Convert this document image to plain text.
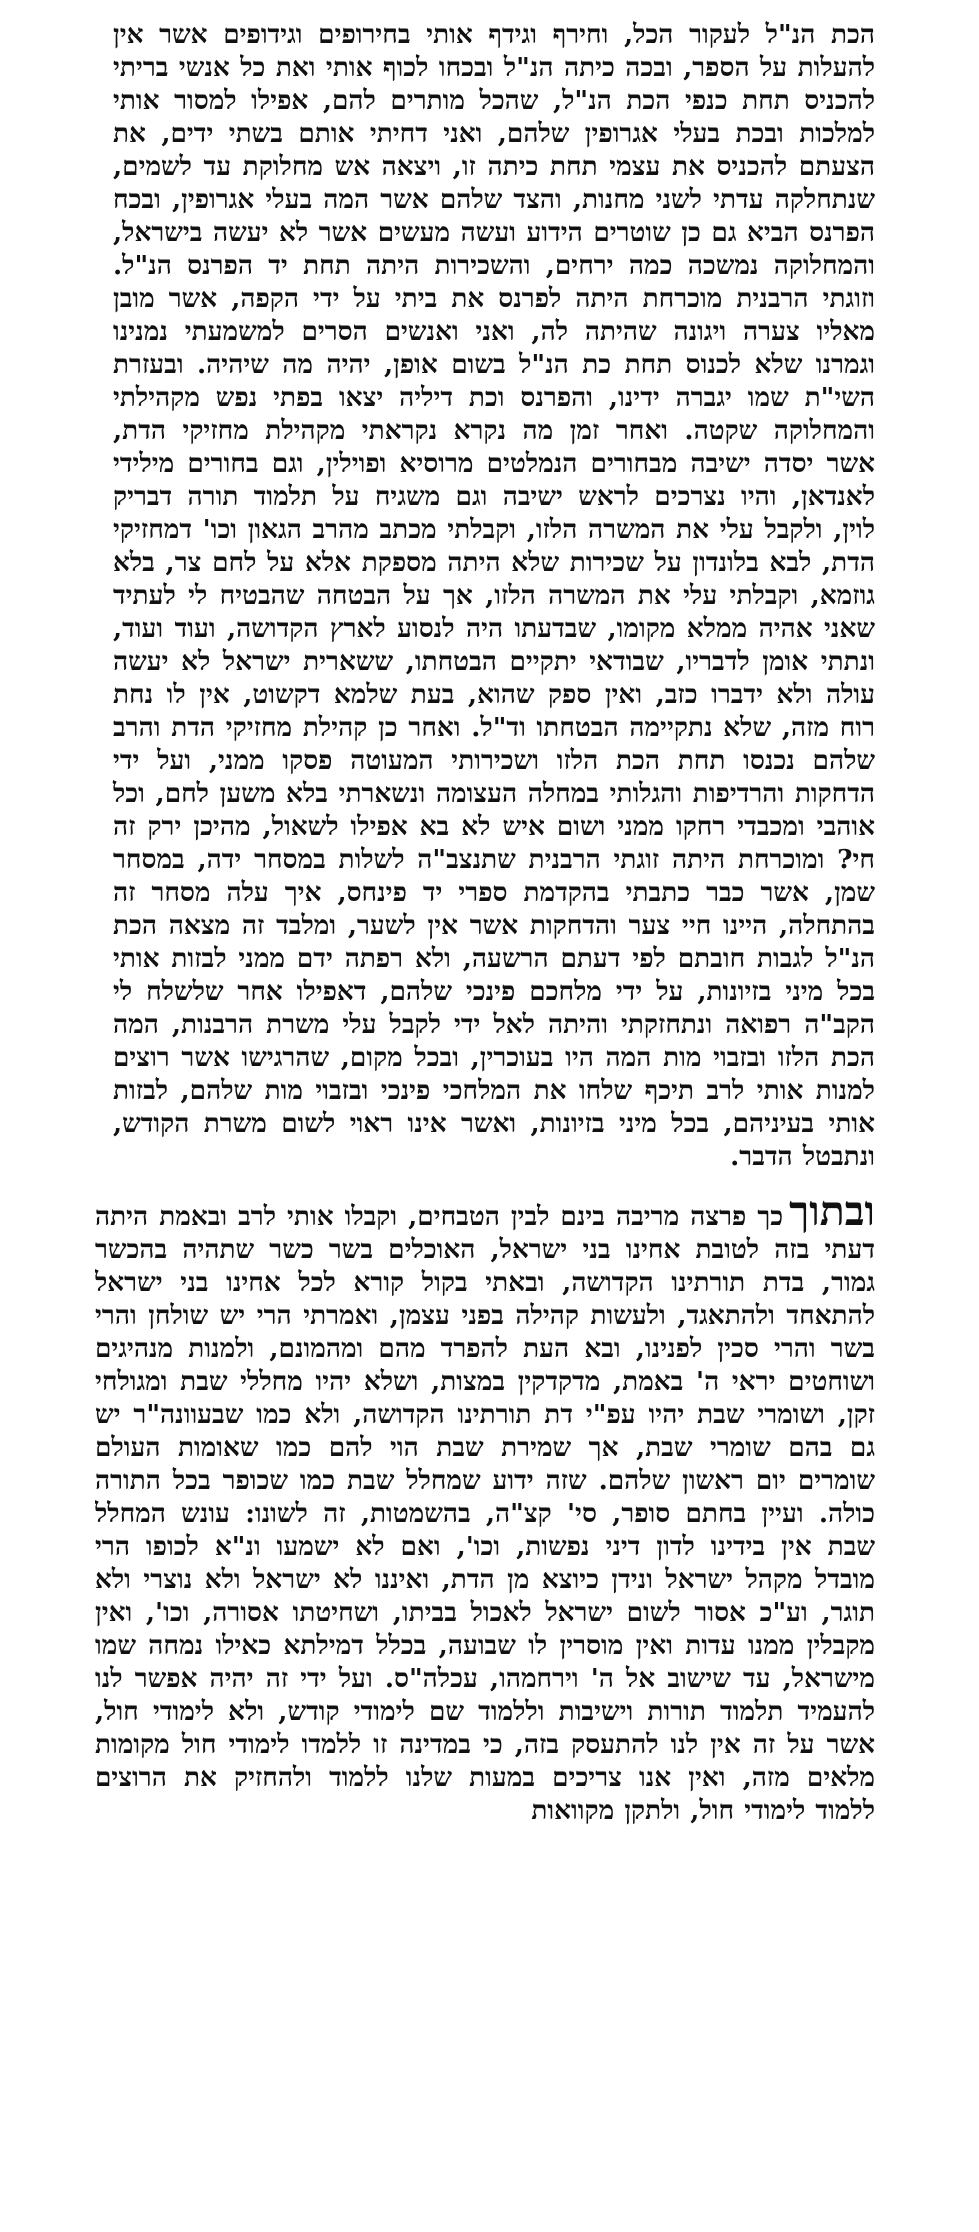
הכת הנ"ל לעקור הכל, וחירף וגידף אותי בחירופים וגידופים אשר אין להעלות על הספר, ובכה כיתה הנ"ל ובכחו לכוף אותי ואת כל אנשי בריתי להכניס תחת כנפי הכת הנ"ל, שהכל מותרים להם, אפילו למסור אותי למלכות ובכת בעלי אגרופין שלהם, ואני דחיתי אותם בשתי ידים, את הצעתם להכניס את עצמי תחת כיתה זו, ויצאה אש מחלוקת עד לשמים, שנתחלקה עדתי לשני מחנות, והצד שלהם אשר המה בעלי אגרופין, ובכח הפרנס הביא גם כן שוטרים הידוע ועשה מעשים אשר לא יעשה בישראל, והמחלוקה נמשכה כמה ירחים, והשכירות היתה תחת יד הפרנס הנ"ל. וזוגתי הרבנית מוכרחת היתה לפרנס את ביתי על ידי הקפה, אשר מובן מאליו צערה ויגונה שהיתה לה, ואני ואנשים הסרים למשמעתי נמנינו וגמרנו שלא לכנוס תחת כת הנ"ל בשום אופן, יהיה מה שיהיה. ובעזרת השי"ת שמו יגברה ידינו, והפרנס וכת דיליה יצאו בפתי נפש מקהילתי והמחלוקה שקטה. ואחר זמן מה נקרא נקראתי מקהילת מחזיקי הדת, אשר יסדה ישיבה מבחורים הנמלטים מרוסיא ופוילין, וגם בחורים מילידי לאנדאן, והיו נצרכים לראש ישיבה וגם משגיח על תלמוד תורה דבריק לוין, ולקבל עלי את המשרה הלזו, וקבלתי מכתב מהרב הגאון וכו' דמחזיקי הדת, לבא בלונדון על שכירות שלא היתה מספקת אלא על לחם צר, בלא גוזמא, וקבלתי עלי את המשרה הלזו, אך על הבטחה שהבטיח לי לעתיד שאני אהיה ממלא מקומו, שבדעתו היה לנסוע לארץ הקדושה, ועוד ועוד, ונתתי אומן לדבריו, שבודאי יתקיים הבטחתו, ששארית ישראל לא יעשה עולה ולא ידברו כזב, ואין ספק שהוא, בעת שלמא דקשוט, אין לו נחת רוח מזה, שלא נתקיימה הבטחתו וד"ל. ואחר כן קהילת מחזיקי הדת והרב שלהם נכנסו תחת הכת הלזו ושכירותי המעוטה פסקו ממני, ועל ידי הדחקות והרדיפות והגלותי במחלה העצומה ונשארתי בלא משען לחם, וכל אוהבי ומכבדי רחקו ממני ושום איש לא בא אפילו לשאול, מהיכן ירק זה חי? ומוכרחת היתה זוגתי הרבנית שתנצב"ה לשלות במסחר ידה, במסחר שמן, אשר כבר כתבתי בהקדמת ספרי יד פינחס, איך עלה מסחר זה בהתחלה, היינו חיי צער והדחקות אשר אין לשער, ומלבד זה מצאה הכת הנ"ל לגבות חובתם לפי דעתם הרשעה, ולא רפתה ידם ממני לבזות אותי בכל מיני בזיונות, על ידי מלחכם פינכי שלהם, דאפילו אחר שלשלח לי הקב"ה רפואה ונתחזקתי והיתה לאל ידי לקבל עלי משרת הרבנות, המה הכת הלזו ובזבוי מות המה היו בעוכרין, ובכל מקום, שהרגישו אשר רוצים למנות אותי לרב תיכף שלחו את המלחכי פינכי ובזבוי מות שלהם, לבזות אותי בעיניהם, בכל מיני בזיונות, ואשר אינו ראוי לשום משרת הקודש, ונתבטל הדבר.

ובתוךכך פרצה מריבה בינם לבין הטבחים, וקבלו אותי לרב ובאמת היתה דעתי בזה לטובת אחינו בני ישראל, האוכלים בשר כשר שתהיה בהכשר גמור, בדת תורתינו הקדושה, ובאתי בקול קורא לכל אחינו בני ישראל להתאחד ולהתאגד, ולעשות קהילה בפני עצמן, ואמרתי הרי יש שולחן והרי בשר והרי סכין לפנינו, ובא העת להפרד מהם ומהמונם, ולמנות מנהיגים ושוחטים יראי ה' באמת, מדקדקין במצות, ושלא יהיו מחללי שבת ומגולחי זקן, ושומרי שבת יהיו עפ"י דת תורתינו הקדושה, ולא כמו שבעוונה"ר יש גם בהם שומרי שבת, אך שמירת שבת הוי להם כמו שאומות העולם שומרים יום ראשון שלהם. שזה ידוע שמחלל שבת כמו שכופר בכל התורה כולה. ועיין בחתם סופר, סי' קצ"ה, בהשמטות, זה לשונו: עונש המחלל שבת אין בידינו לדון דיני נפשות, וכו', ואם לא ישמעו ונ"א לכופו הרי מובדל מקהל ישראל ונידן כיוצא מן הדת, ואיננו לא ישראל ולא נוצרי ולא תוגר, וע"כ אסור לשום ישראל לאכול בביתו, ושחיטתו אסורה, וכו', ואין מקבלין ממנו עדות ואין מוסרין לו שבועה, בכלל דמילתא כאילו נמחה שמו מישראל, עד שישוב אל ה' וירחמהו, עכלה"ס. ועל ידי זה יהיה אפשר לנו להעמיד תלמוד תורות וישיבות וללמוד שם לימודי קודש, ולא לימודי חול, אשר על זה אין לנו להתעסק בזה, כי במדינה זו ללמדו לימודי חול מקומות מלאים מזה, ואין אנו צריכים במעות שלנו ללמוד ולהחזיק את הרוצים ללמוד לימודי חול, ולתקן מקוואות
